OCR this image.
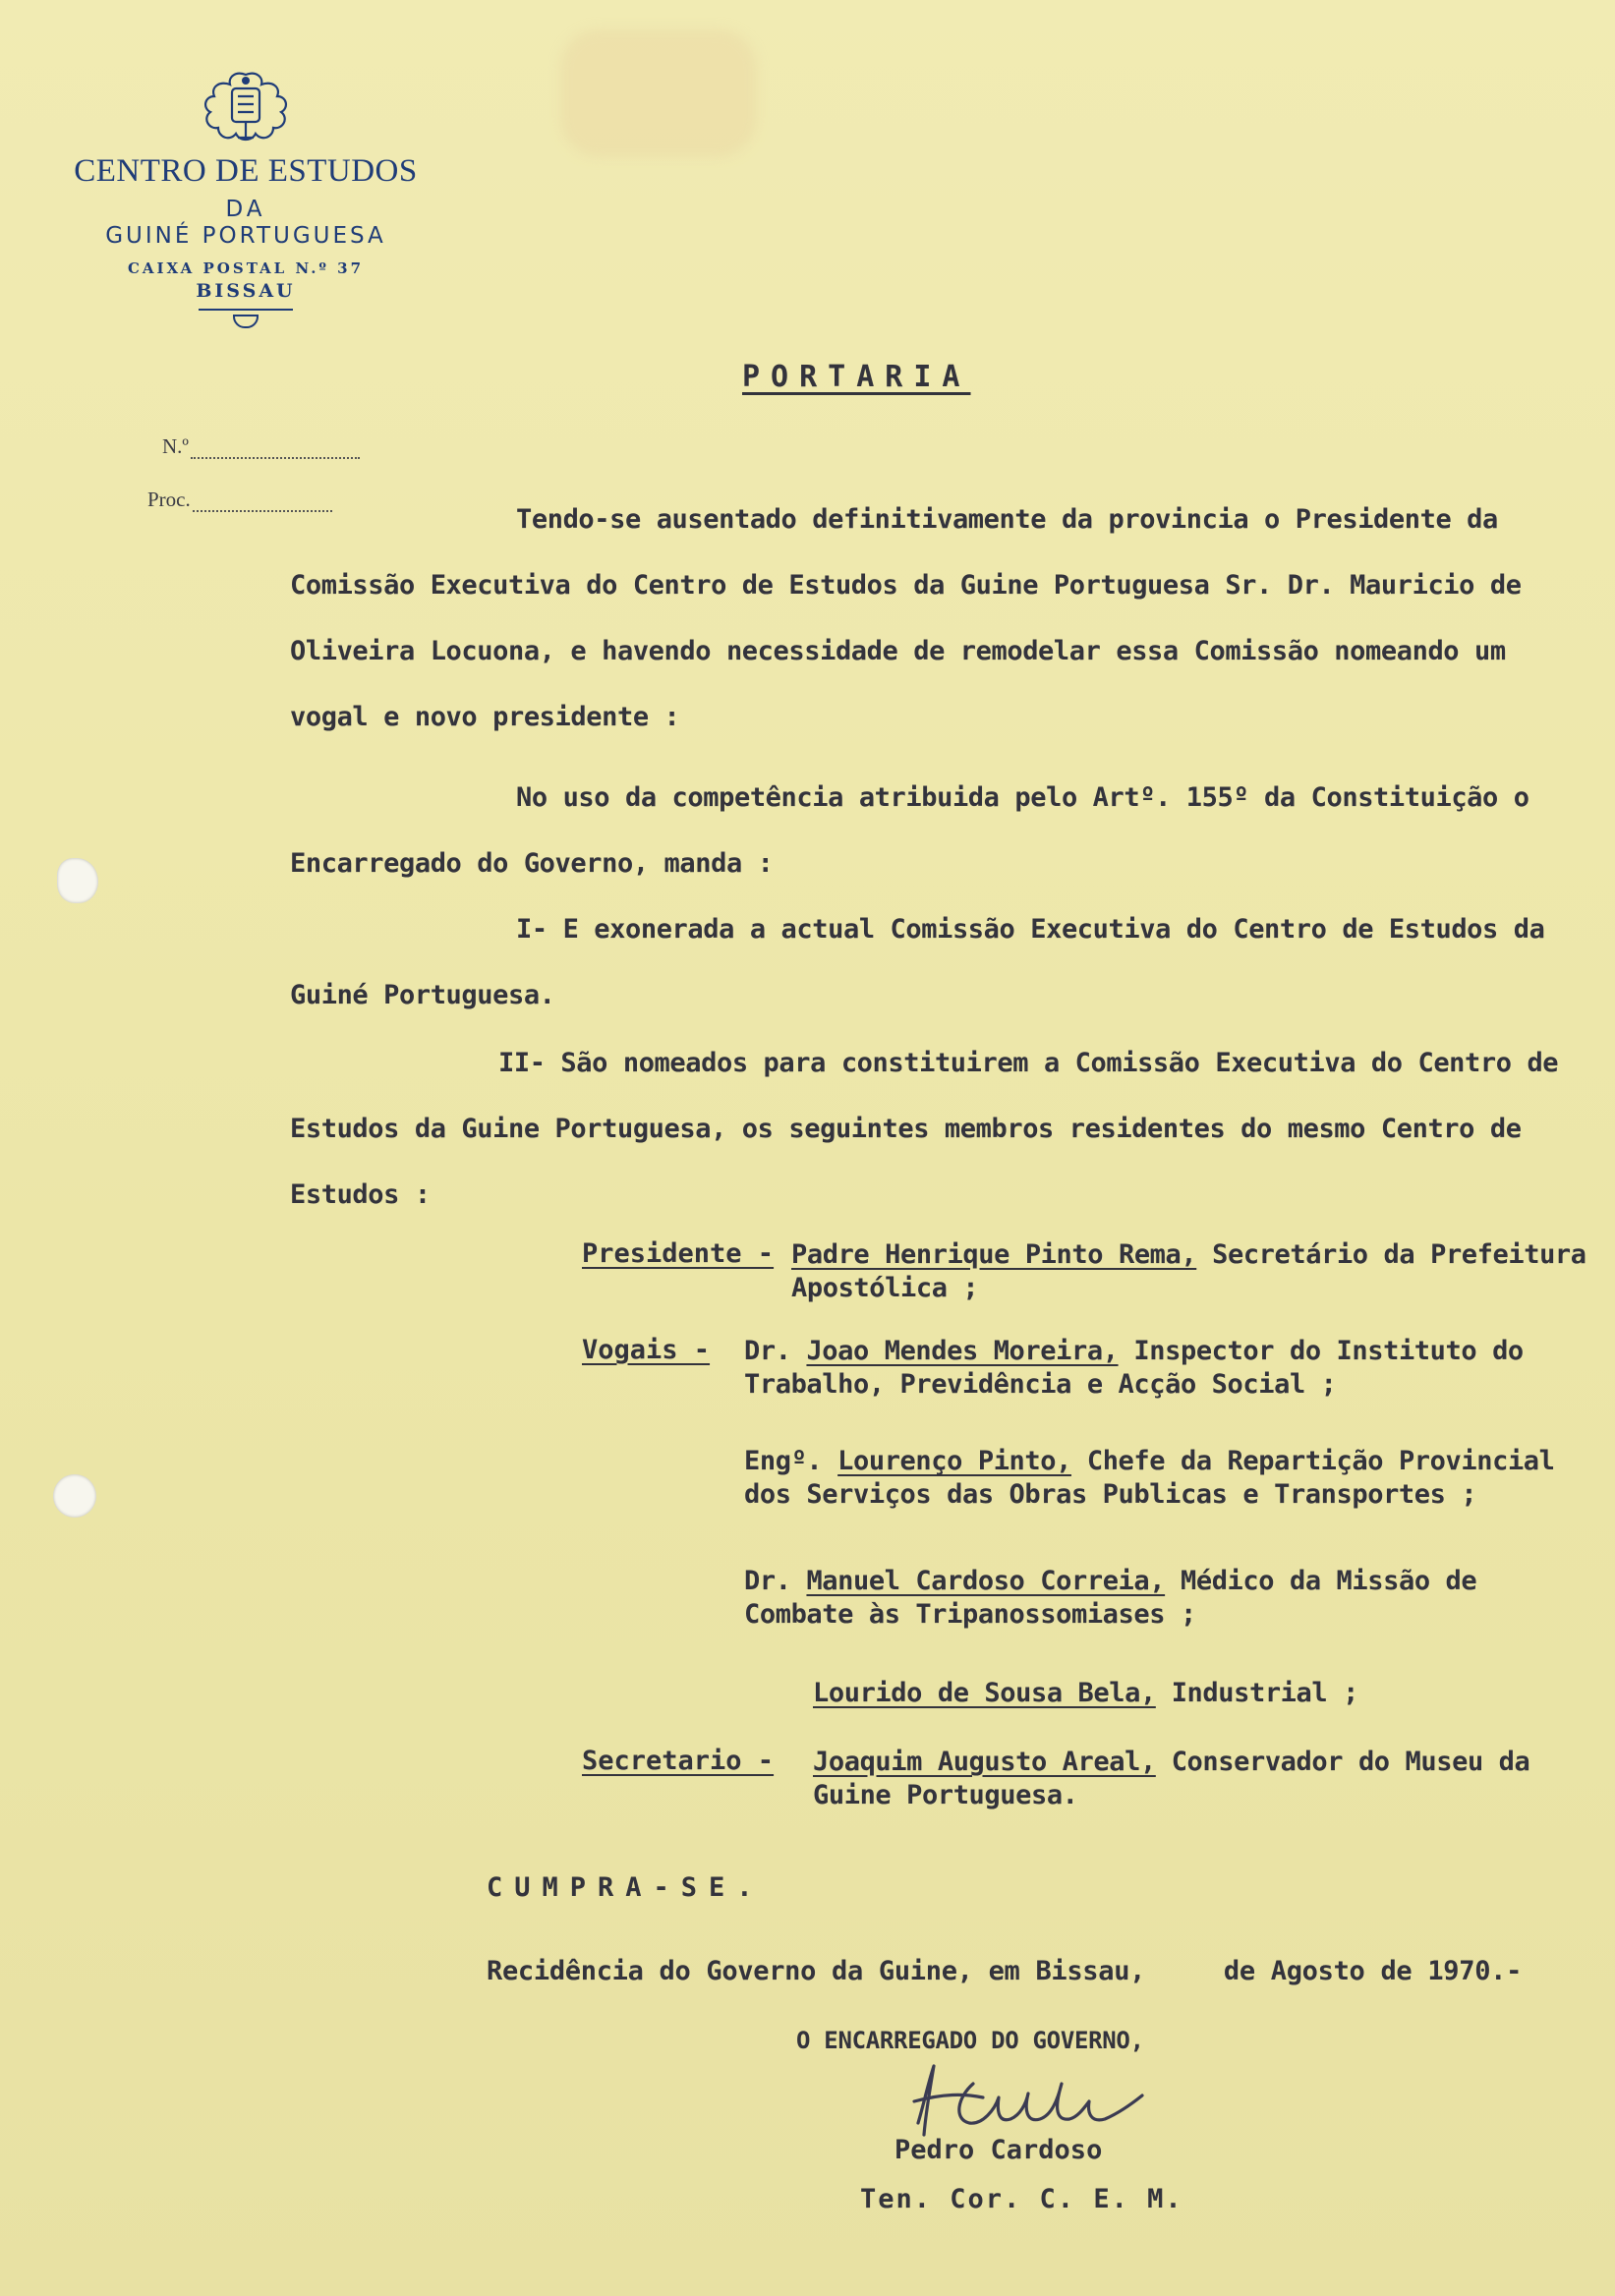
CENTRO DE ESTUDOS
DA
GUINÉ PORTUGUESA
CAIXA POSTAL N.º 37
BISSAU
N.º
Proc.
PORTARIA
Tendo-se ausentado definitivamente da provincia o Presidente da Comissão Executiva do Centro de Estudos da Guine Portuguesa Sr. Dr. Mauricio de Oliveira Locuona, e havendo necessidade de remodelar essa Comissão nomeando um vogal e novo presidente :
No uso da competência atribuida pelo Artº. 155º da Constituição o Encarregado do Governo, manda :
I- E exonerada a actual Comissão Executiva do Centro de Estudos da Guiné Portuguesa.
II- São nomeados para constituirem a Comissão Executiva do Centro de Estudos da Guine Portuguesa, os seguintes membros residentes do mesmo Centro de Estudos :
Presidente - Padre Henrique Pinto Rema, Secretário da Prefeitura Apostólica ;
Vogais - Dr. Joao Mendes Moreira, Inspector do Instituto do Trabalho, Previdência e Acção Social ;
Engº. Lourenço Pinto, Chefe da Repartição Provincial dos Serviços das Obras Publicas e Transportes ;
Dr. Manuel Cardoso Correia, Médico da Missão de Combate às Tripanossomiases ;
Lourido de Sousa Bela, Industrial ;
Secretario - Joaquim Augusto Areal, Conservador do Museu da Guine Portuguesa.
CUMPRA-SE.
Recidência do Governo da Guine, em Bissau,     de Agosto de 1970.-
O ENCARREGADO DO GOVERNO,
Pedro Cardoso
Ten. Cor. C. E. M.
